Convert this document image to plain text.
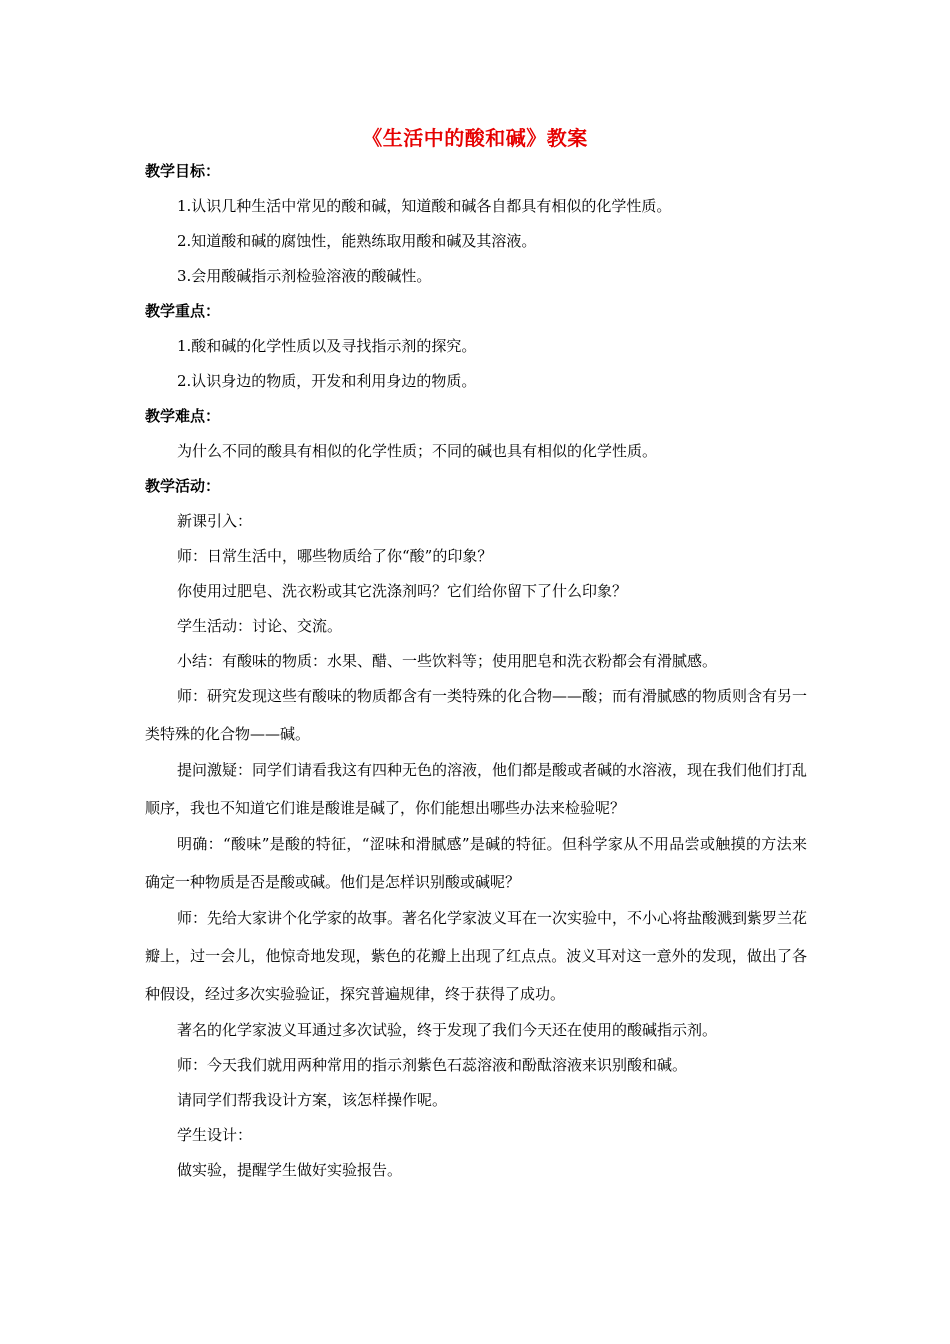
《生活中的酸和碱》教案
教学目标：
1.认识几种生活中常见的酸和碱，知道酸和碱各自都具有相似的化学性质。
2.知道酸和碱的腐蚀性，能熟练取用酸和碱及其溶液。
3.会用酸碱指示剂检验溶液的酸碱性。
教学重点：
1.酸和碱的化学性质以及寻找指示剂的探究。
2.认识身边的物质，开发和利用身边的物质。
教学难点：
为什么不同的酸具有相似的化学性质；不同的碱也具有相似的化学性质。
教学活动：
新课引入：
师：日常生活中，哪些物质给了你“酸”的印象？
你使用过肥皂、洗衣粉或其它洗涤剂吗？它们给你留下了什么印象？
学生活动：讨论、交流。
小结：有酸味的物质：水果、醋、一些饮料等；使用肥皂和洗衣粉都会有滑腻感。
师：研究发现这些有酸味的物质都含有一类特殊的化合物——酸；而有滑腻感的物质则含有另一类特殊的化合物——碱。
提问激疑：同学们请看我这有四种无色的溶液，他们都是酸或者碱的水溶液，现在我们他们打乱顺序，我也不知道它们谁是酸谁是碱了，你们能想出哪些办法来检验呢？
明确：“酸味”是酸的特征，“涩味和滑腻感”是碱的特征。但科学家从不用品尝或触摸的方法来确定一种物质是否是酸或碱。他们是怎样识别酸或碱呢？
师：先给大家讲个化学家的故事。著名化学家波义耳在一次实验中，不小心将盐酸溅到紫罗兰花瓣上，过一会儿，他惊奇地发现，紫色的花瓣上出现了红点点。波义耳对这一意外的发现，做出了各种假设，经过多次实验验证，探究普遍规律，终于获得了成功。
著名的化学家波义耳通过多次试验，终于发现了我们今天还在使用的酸碱指示剂。
师：今天我们就用两种常用的指示剂紫色石蕊溶液和酚酞溶液来识别酸和碱。
请同学们帮我设计方案，该怎样操作呢。
学生设计：
做实验，提醒学生做好实验报告。
